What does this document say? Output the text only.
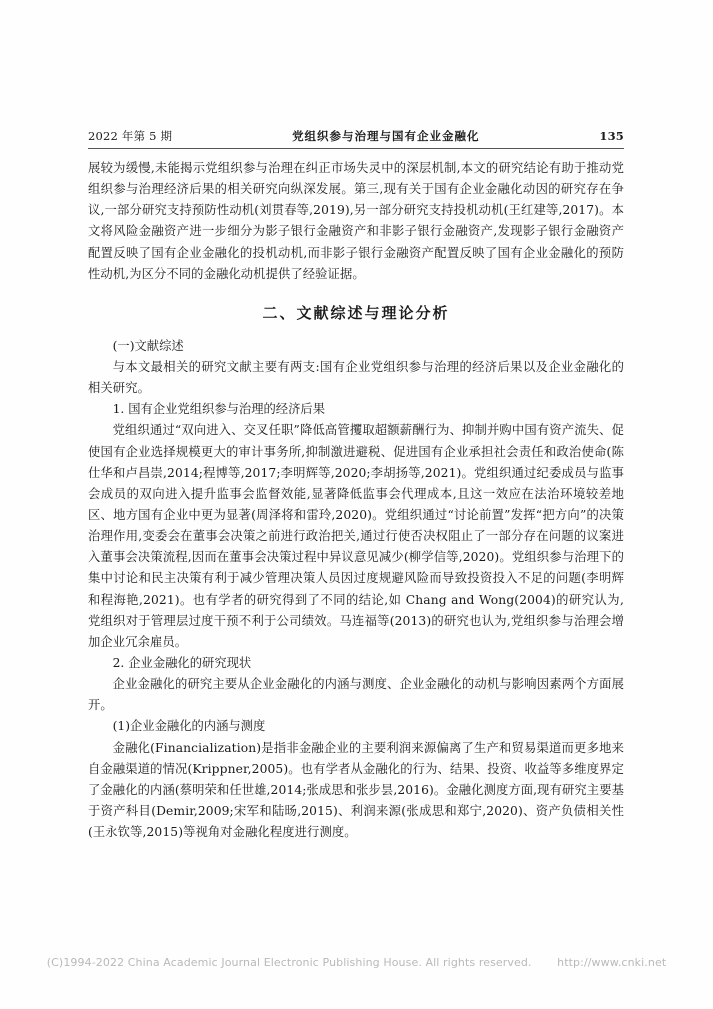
2022 年第 5 期	党组织参与治理与国有企业金融化	135

展较为缓慢,未能揭示党组织参与治理在纠正市场失灵中的深层机制,本文的研究结论有助于推动党组织参与治理经济后果的相关研究向纵深发展。第三,现有关于国有企业金融化动因的研究存在争议,一部分研究支持预防性动机(刘贯春等,2019),另一部分研究支持投机动机(王红建等,2017)。本文将风险金融资产进一步细分为影子银行金融资产和非影子银行金融资产,发现影子银行金融资产配置反映了国有企业金融化的投机动机,而非影子银行金融资产配置反映了国有企业金融化的预防性动机,为区分不同的金融化动机提供了经验证据。

二、文献综述与理论分析

(一)文献综述

与本文最相关的研究文献主要有两支:国有企业党组织参与治理的经济后果以及企业金融化的相关研究。

1. 国有企业党组织参与治理的经济后果

党组织通过“双向进入、交叉任职”降低高管攫取超额薪酬行为、抑制并购中国有资产流失、促使国有企业选择规模更大的审计事务所,抑制激进避税、促进国有企业承担社会责任和政治使命(陈仕华和卢昌崇,2014;程博等,2017;李明辉等,2020;李胡扬等,2021)。党组织通过纪委成员与监事会成员的双向进入提升监事会监督效能,显著降低监事会代理成本,且这一效应在法治环境较差地区、地方国有企业中更为显著(周泽将和雷玲,2020)。党组织通过“讨论前置”发挥“把方向”的决策治理作用,变委会在董事会决策之前进行政治把关,通过行使否决权阻止了一部分存在问题的议案进入董事会决策流程,因而在董事会决策过程中异议意见减少(柳学信等,2020)。党组织参与治理下的集中讨论和民主决策有利于减少管理决策人员因过度规避风险而导致投资投入不足的问题(李明辉和程海艳,2021)。也有学者的研究得到了不同的结论,如 Chang and Wong(2004)的研究认为,党组织对于管理层过度干预不利于公司绩效。马连福等(2013)的研究也认为,党组织参与治理会增加企业冗余雇员。

2. 企业金融化的研究现状

企业金融化的研究主要从企业金融化的内涵与测度、企业金融化的动机与影响因素两个方面展开。

(1)企业金融化的内涵与测度

金融化(Financialization)是指非金融企业的主要利润来源偏离了生产和贸易渠道而更多地来自金融渠道的情况(Krippner,2005)。也有学者从金融化的行为、结果、投资、收益等多维度界定了金融化的内涵(蔡明荣和任世雄,2014;张成思和张步昙,2016)。金融化测度方面,现有研究主要基于资产科目(Demir,2009;宋军和陆旸,2015)、利润来源(张成思和郑宁,2020)、资产负债相关性(王永钦等,2015)等视角对金融化程度进行测度。

(C)1994-2022 China Academic Journal Electronic Publishing House. All rights reserved. http://www.cnki.net
